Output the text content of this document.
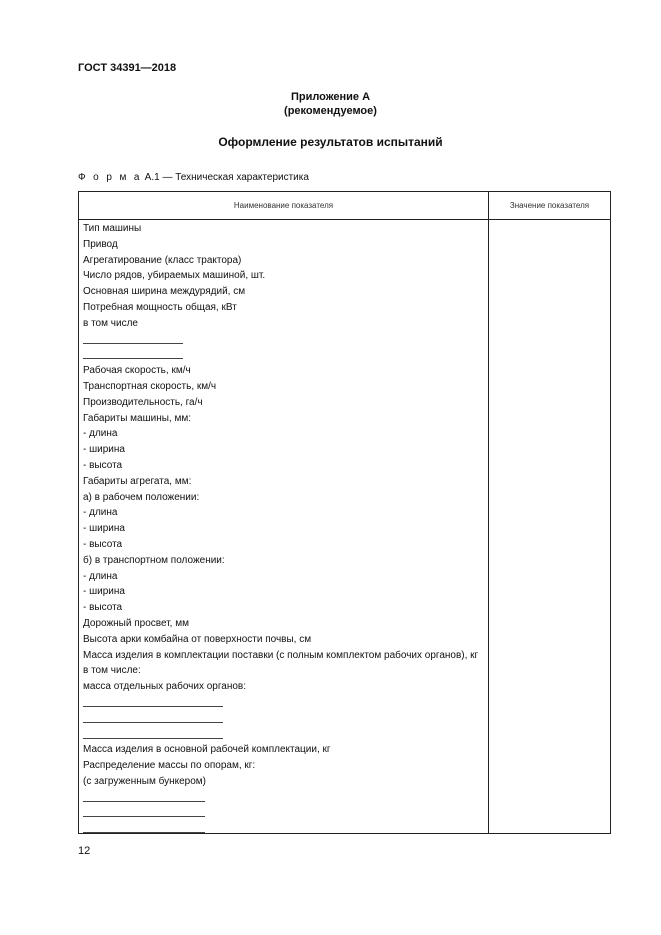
ГОСТ 34391—2018
Приложение А
(рекомендуемое)
Оформление результатов испытаний
Ф о р м а А.1 — Техническая характеристика
Наименование показателя	Значение показателя
Тип машины
Привод
Агрегатирование (класс трактора)
Число рядов, убираемых машиной, шт.
Основная ширина междурядий, см
Потребная мощность общая, кВт
в том числе
Рабочая скорость, км/ч
Транспортная скорость, км/ч
Производительность, га/ч
Габариты машины, мм:
- длина
- ширина
- высота
Габариты агрегата, мм:
а) в рабочем положении:
- длина
- ширина
- высота
б) в транспортном положении:
- длина
- ширина
- высота
Дорожный просвет, мм
Высота арки комбайна от поверхности почвы, см
Масса изделия в комплектации поставки (с полным комплектом рабочих органов), кг
в том числе:
масса отдельных рабочих органов:
Масса изделия в основной рабочей комплектации, кг
Распределение массы по опорам, кг:
(с загруженным бункером)
12
